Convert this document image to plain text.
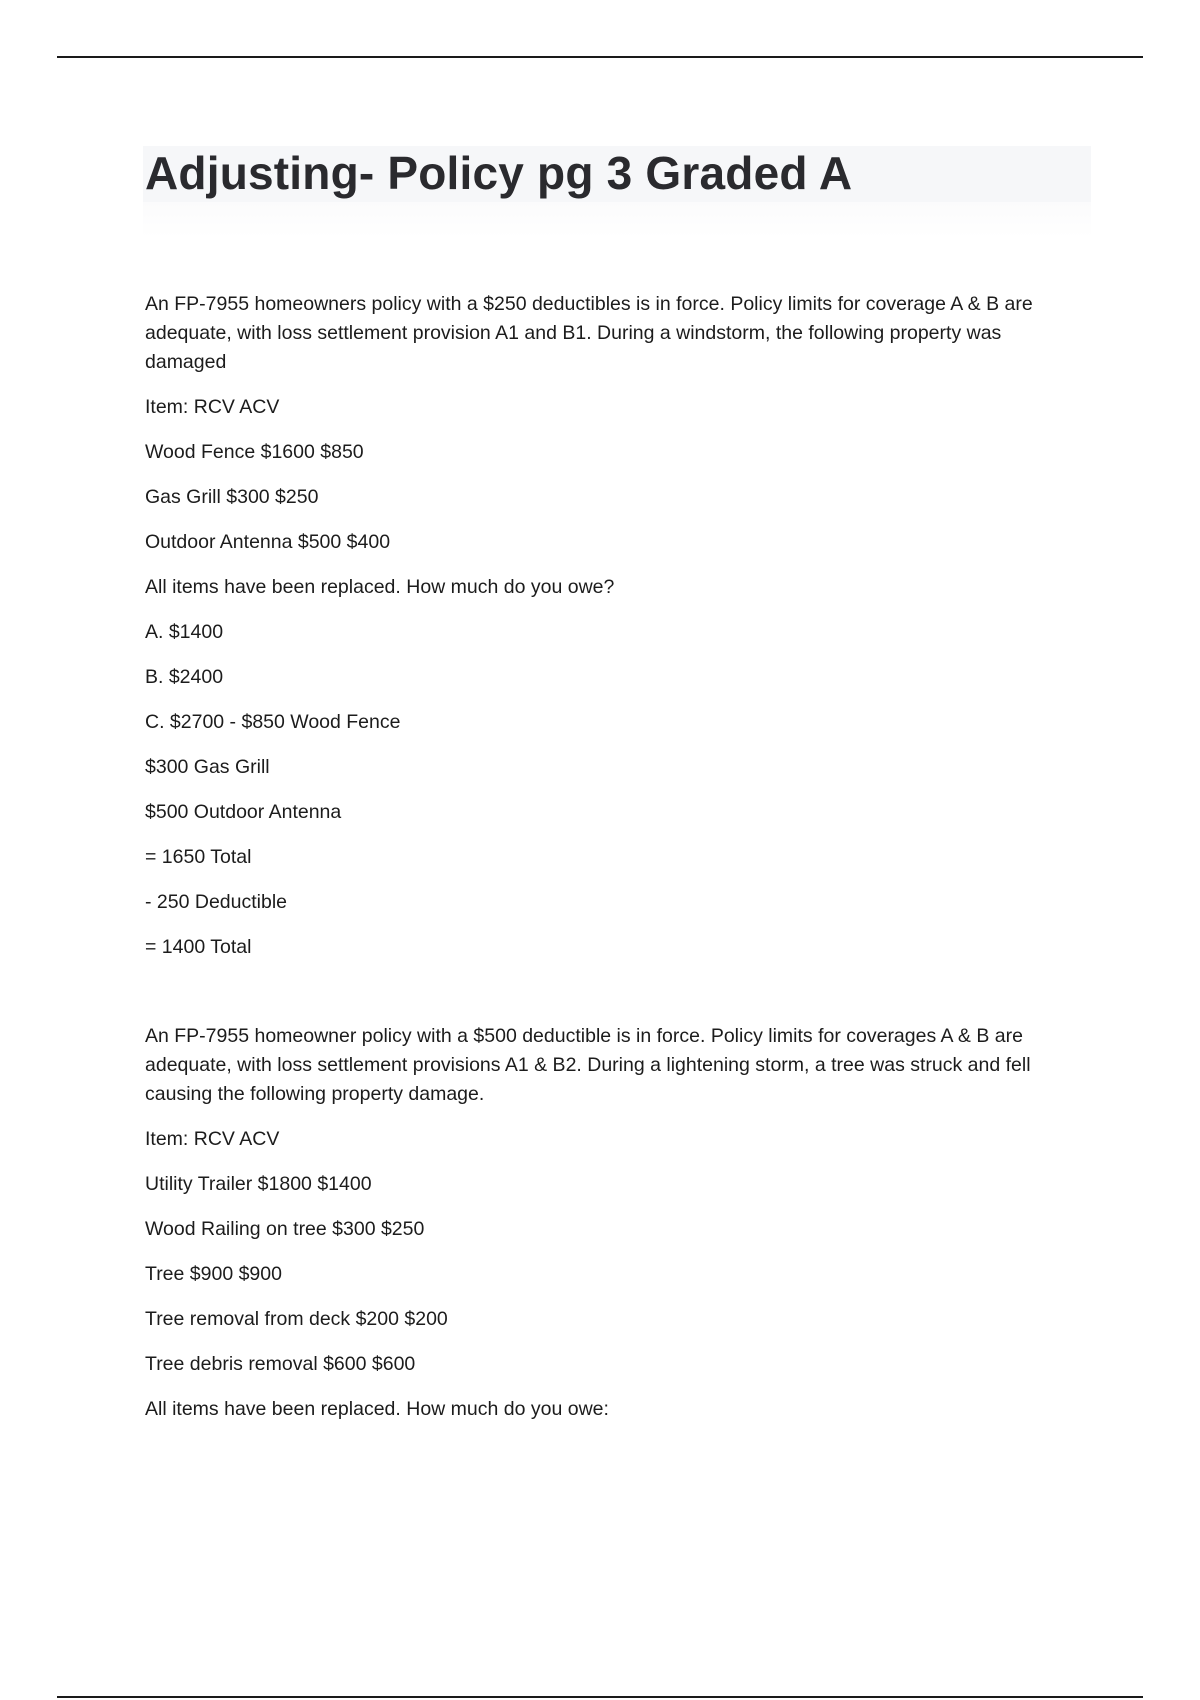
Adjusting- Policy pg 3 Graded A

An FP-7955 homeowners policy with a $250 deductibles is in force. Policy limits for coverage A & B are adequate, with loss settlement provision A1 and B1. During a windstorm, the following property was damaged

Item: RCV ACV

Wood Fence $1600 $850

Gas Grill $300 $250

Outdoor Antenna $500 $400

All items have been replaced. How much do you owe?

A. $1400

B. $2400

C. $2700 - $850 Wood Fence

$300 Gas Grill

$500 Outdoor Antenna

= 1650 Total

- 250 Deductible

= 1400 Total

An FP-7955 homeowner policy with a $500 deductible is in force. Policy limits for coverages A & B are adequate, with loss settlement provisions A1 & B2. During a lightening storm, a tree was struck and fell causing the following property damage.

Item: RCV ACV

Utility Trailer $1800 $1400

Wood Railing on tree $300 $250

Tree $900 $900

Tree removal from deck $200 $200

Tree debris removal $600 $600

All items have been replaced. How much do you owe:
